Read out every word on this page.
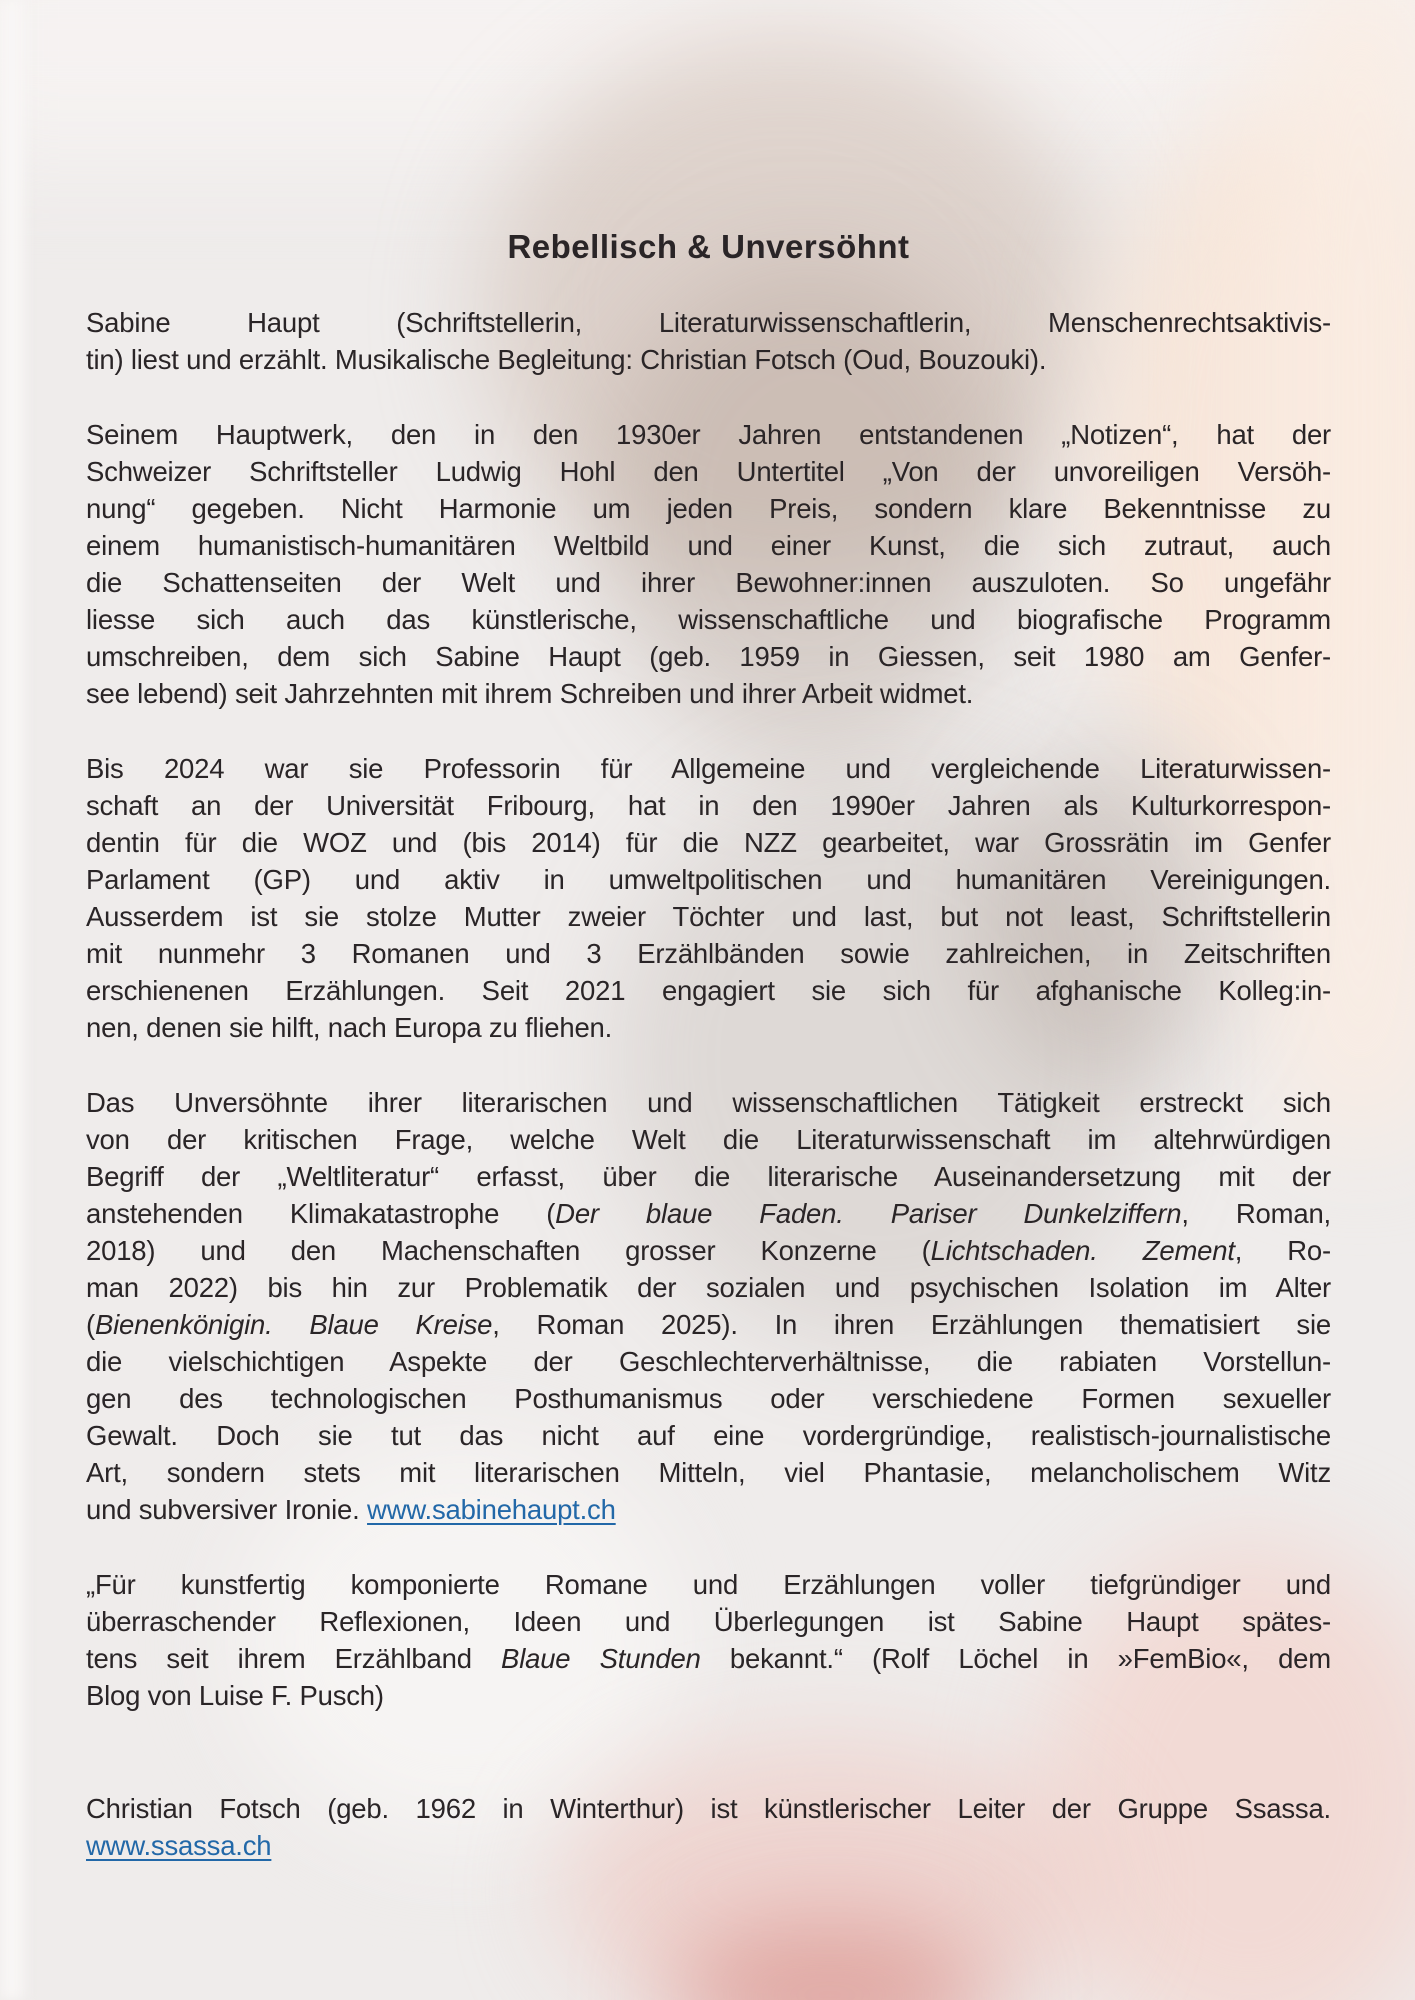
Rebellisch & Unversöhnt
Sabine Haupt (Schriftstellerin, Literaturwissenschaftlerin, Menschenrechtsaktivis-
tin) liest und erzählt. Musikalische Begleitung: Christian Fotsch (Oud, Bouzouki).
Seinem Hauptwerk, den in den 1930er Jahren entstandenen „Notizen“, hat der
Schweizer Schriftsteller Ludwig Hohl den Untertitel „Von der unvoreiligen Versöh-
nung“ gegeben. Nicht Harmonie um jeden Preis, sondern klare Bekenntnisse zu
einem humanistisch-humanitären Weltbild und einer Kunst, die sich zutraut, auch
die Schattenseiten der Welt und ihrer Bewohner:innen auszuloten. So ungefähr
liesse sich auch das künstlerische, wissenschaftliche und biografische Programm
umschreiben, dem sich Sabine Haupt (geb. 1959 in Giessen, seit 1980 am Genfer-
see lebend) seit Jahrzehnten mit ihrem Schreiben und ihrer Arbeit widmet.
Bis 2024 war sie Professorin für Allgemeine und vergleichende Literaturwissen-
schaft an der Universität Fribourg, hat in den 1990er Jahren als Kulturkorrespon-
dentin für die WOZ und (bis 2014) für die NZZ gearbeitet, war Grossrätin im Genfer
Parlament (GP) und aktiv in umweltpolitischen und humanitären Vereinigungen.
Ausserdem ist sie stolze Mutter zweier Töchter und last, but not least, Schriftstellerin
mit nunmehr 3 Romanen und 3 Erzählbänden sowie zahlreichen, in Zeitschriften
erschienenen Erzählungen. Seit 2021 engagiert sie sich für afghanische Kolleg:in-
nen, denen sie hilft, nach Europa zu fliehen.
Das Unversöhnte ihrer literarischen und wissenschaftlichen Tätigkeit erstreckt sich
von der kritischen Frage, welche Welt die Literaturwissenschaft im altehrwürdigen
Begriff der „Weltliteratur“ erfasst, über die literarische Auseinandersetzung mit der
anstehenden Klimakatastrophe (Der blaue Faden. Pariser Dunkelziffern, Roman,
2018) und den Machenschaften grosser Konzerne (Lichtschaden. Zement, Ro-
man 2022) bis hin zur Problematik der sozialen und psychischen Isolation im Alter
(Bienenkönigin. Blaue Kreise, Roman 2025). In ihren Erzählungen thematisiert sie
die vielschichtigen Aspekte der Geschlechterverhältnisse, die rabiaten Vorstellun-
gen des technologischen Posthumanismus oder verschiedene Formen sexueller
Gewalt. Doch sie tut das nicht auf eine vordergründige, realistisch-journalistische
Art, sondern stets mit literarischen Mitteln, viel Phantasie, melancholischem Witz
und subversiver Ironie. www.sabinehaupt.ch
„Für kunstfertig komponierte Romane und Erzählungen voller tiefgründiger und
überraschender Reflexionen, Ideen und Überlegungen ist Sabine Haupt spätes-
tens seit ihrem Erzählband Blaue Stunden bekannt.“ (Rolf Löchel in »FemBio«, dem
Blog von Luise F. Pusch)
Christian Fotsch (geb. 1962 in Winterthur) ist künstlerischer Leiter der Gruppe Ssassa.
www.ssassa.ch
